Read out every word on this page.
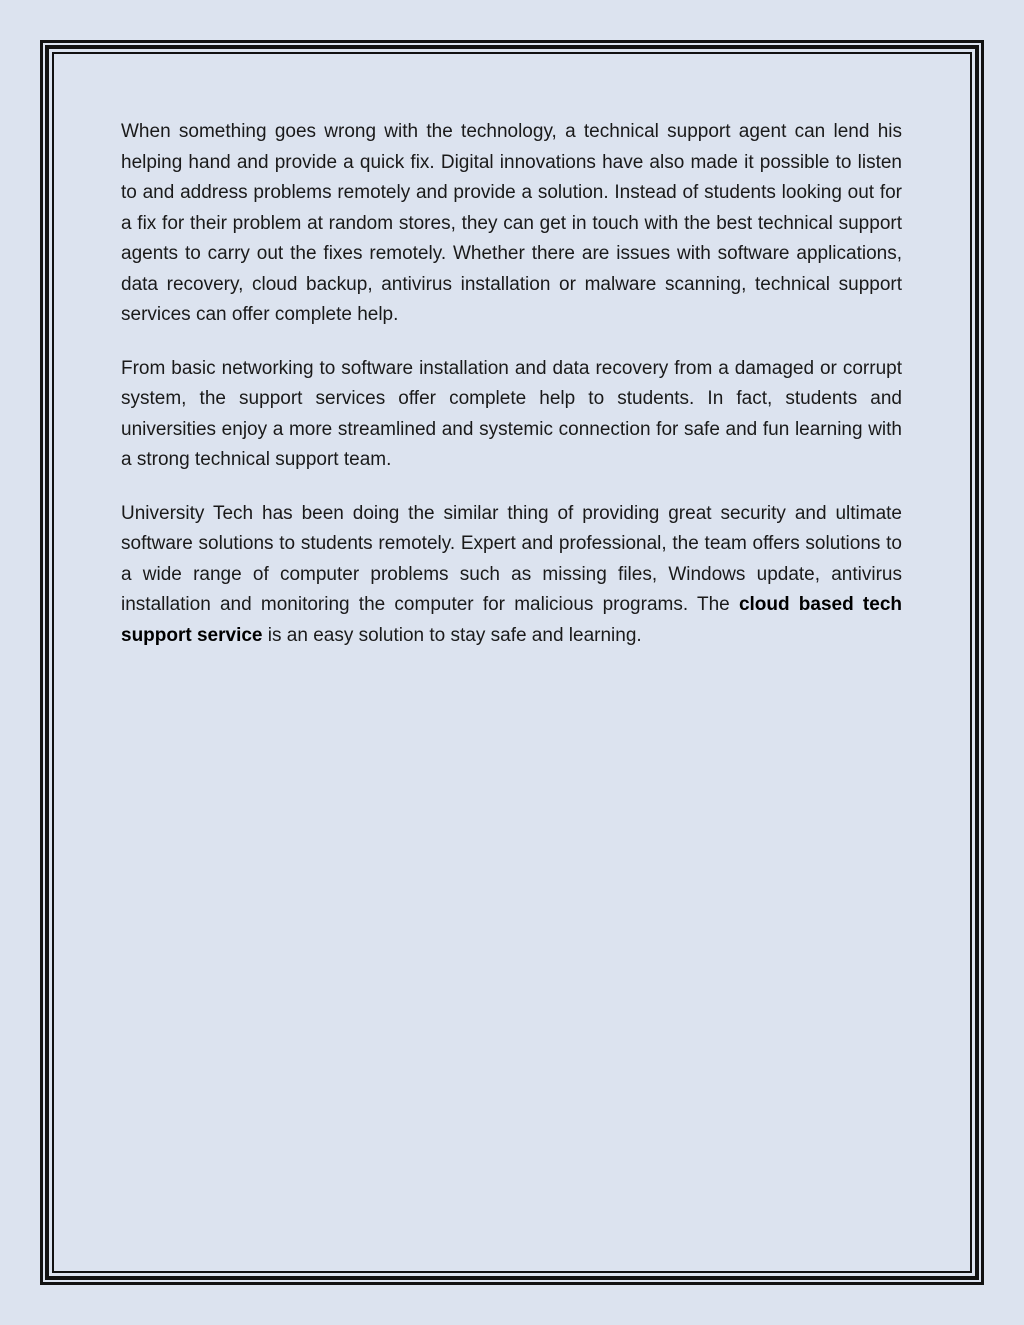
When something goes wrong with the technology, a technical support agent can lend his helping hand and provide a quick fix. Digital innovations have also made it possible to listen to and address problems remotely and provide a solution. Instead of students looking out for a fix for their problem at random stores, they can get in touch with the best technical support agents to carry out the fixes remotely. Whether there are issues with software applications, data recovery, cloud backup, antivirus installation or malware scanning, technical support services can offer complete help.

From basic networking to software installation and data recovery from a damaged or corrupt system, the support services offer complete help to students. In fact, students and universities enjoy a more streamlined and systemic connection for safe and fun learning with a strong technical support team.

University Tech has been doing the similar thing of providing great security and ultimate software solutions to students remotely. Expert and professional, the team offers solutions to a wide range of computer problems such as missing files, Windows update, antivirus installation and monitoring the computer for malicious programs. The cloud based tech support service is an easy solution to stay safe and learning.
